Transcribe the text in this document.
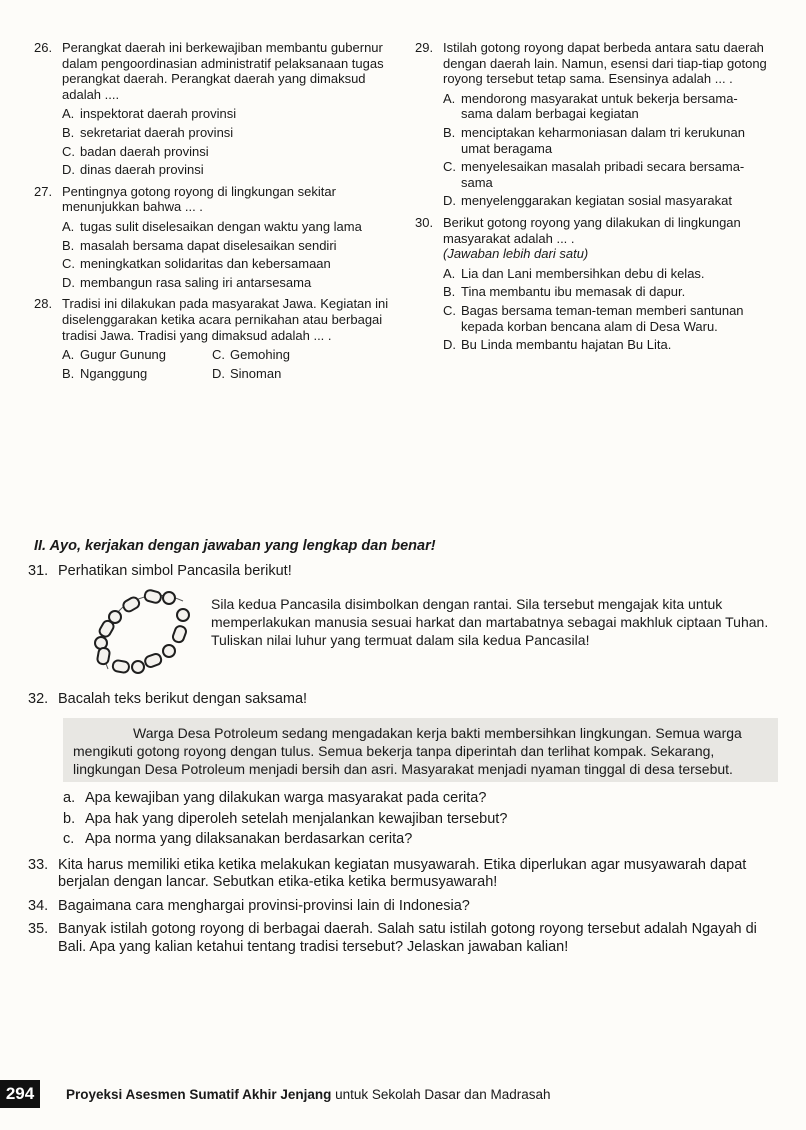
26. Perangkat daerah ini berkewajiban membantu gubernur dalam pengoordinasian administratif pelaksanaan tugas perangkat daerah. Perangkat daerah yang dimaksud adalah ....
A. inspektorat daerah provinsi
B. sekretariat daerah provinsi
C. badan daerah provinsi
D. dinas daerah provinsi
27. Pentingnya gotong royong di lingkungan sekitar menunjukkan bahwa ... .
A. tugas sulit diselesaikan dengan waktu yang lama
B. masalah bersama dapat diselesaikan sendiri
C. meningkatkan solidaritas dan kebersamaan
D. membangun rasa saling iri antarsesama
28. Tradisi ini dilakukan pada masyarakat Jawa. Kegiatan ini diselenggarakan ketika acara pernikahan atau berbagai tradisi Jawa. Tradisi yang dimaksud adalah ... .
A. Gugur Gunung	C. Gemohing
B. Nganggung	D. Sinoman
29. Istilah gotong royong dapat berbeda antara satu daerah dengan daerah lain. Namun, esensi dari tiap-tiap gotong royong tersebut tetap sama. Esensinya adalah ... .
A. mendorong masyarakat untuk bekerja bersama-sama dalam berbagai kegiatan
B. menciptakan keharmoniasan dalam tri kerukunan umat beragama
C. menyelesaikan masalah pribadi secara bersama-sama
D. menyelenggarakan kegiatan sosial masyarakat
30. Berikut gotong royong yang dilakukan di lingkungan masyarakat adalah ... .
(Jawaban lebih dari satu)
A. Lia dan Lani membersihkan debu di kelas.
B. Tina membantu ibu memasak di dapur.
C. Bagas bersama teman-teman memberi santunan kepada korban bencana alam di Desa Waru.
D. Bu Linda membantu hajatan Bu Lita.
II. Ayo, kerjakan dengan jawaban yang lengkap dan benar!
31. Perhatikan simbol Pancasila berikut!
Sila kedua Pancasila disimbolkan dengan rantai. Sila tersebut mengajak kita untuk memperlakukan manusia sesuai harkat dan martabatnya sebagai makhluk ciptaan Tuhan. Tuliskan nilai luhur yang termuat dalam sila kedua Pancasila!
32. Bacalah teks berikut dengan saksama!

Warga Desa Potroleum sedang mengadakan kerja bakti membersihkan lingkungan. Semua warga mengikuti gotong royong dengan tulus. Semua bekerja tanpa diperintah dan terlihat kompak. Sekarang, lingkungan Desa Potroleum menjadi bersih dan asri. Masyarakat menjadi nyaman tinggal di desa tersebut.

a. Apa kewajiban yang dilakukan warga masyarakat pada cerita?
b. Apa hak yang diperoleh setelah menjalankan kewajiban tersebut?
c. Apa norma yang dilaksanakan berdasarkan cerita?
33. Kita harus memiliki etika ketika melakukan kegiatan musyawarah. Etika diperlukan agar musyawarah dapat berjalan dengan lancar. Sebutkan etika-etika ketika bermusyawarah!
34. Bagaimana cara menghargai provinsi-provinsi lain di Indonesia?
35. Banyak istilah gotong royong di berbagai daerah. Salah satu istilah gotong royong tersebut adalah Ngayah di Bali. Apa yang kalian ketahui tentang tradisi tersebut? Jelaskan jawaban kalian!
294	Proyeksi Asesmen Sumatif Akhir Jenjang untuk Sekolah Dasar dan Madrasah
